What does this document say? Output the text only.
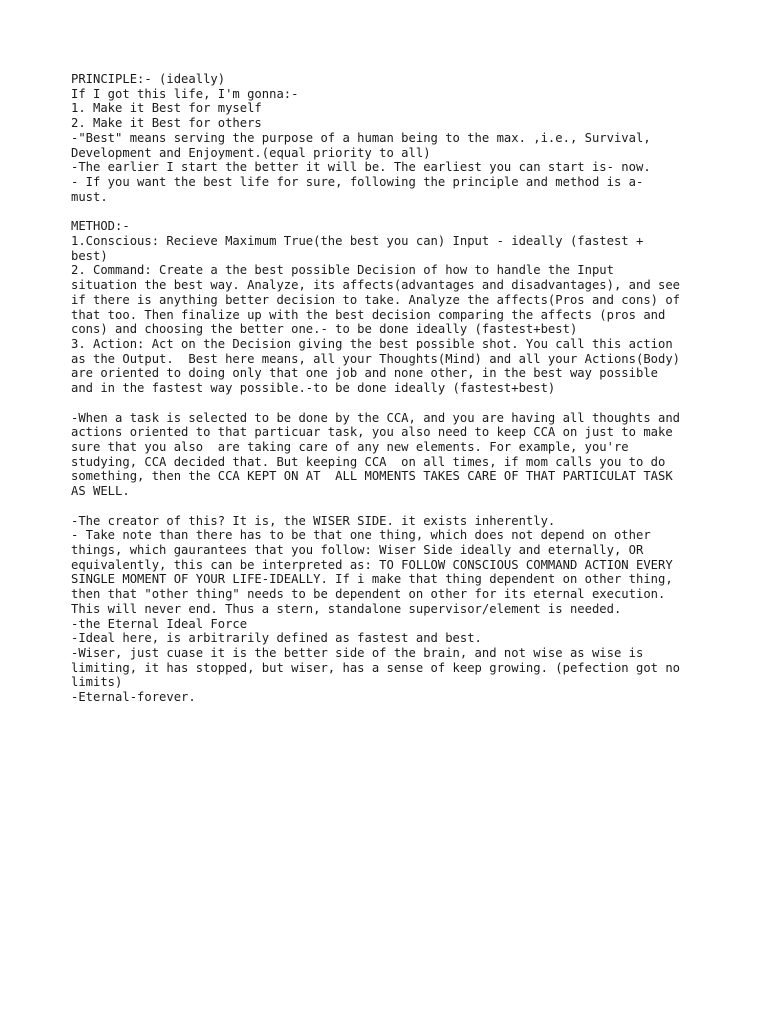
PRINCIPLE:- (ideally)
If I got this life, I'm gonna:-
1. Make it Best for myself
2. Make it Best for others
-"Best" means serving the purpose of a human being to the max. ,i.e., Survival,
Development and Enjoyment.(equal priority to all)
-The earlier I start the better it will be. The earliest you can start is- now.
- If you want the best life for sure, following the principle and method is a-
must.
METHOD:-
1.Conscious: Recieve Maximum True(the best you can) Input - ideally (fastest +
best)
2. Command: Create a the best possible Decision of how to handle the Input
situation the best way. Analyze, its affects(advantages and disadvantages), and see
if there is anything better decision to take. Analyze the affects(Pros and cons) of
that too. Then finalize up with the best decision comparing the affects (pros and
cons) and choosing the better one.- to be done ideally (fastest+best)
3. Action: Act on the Decision giving the best possible shot. You call this action
as the Output.  Best here means, all your Thoughts(Mind) and all your Actions(Body)
are oriented to doing only that one job and none other, in the best way possible
and in the fastest way possible.-to be done ideally (fastest+best)
-When a task is selected to be done by the CCA, and you are having all thoughts and
actions oriented to that particuar task, you also need to keep CCA on just to make
sure that you also  are taking care of any new elements. For example, you're
studying, CCA decided that. But keeping CCA  on all times, if mom calls you to do
something, then the CCA KEPT ON AT  ALL MOMENTS TAKES CARE OF THAT PARTICULAT TASK
AS WELL.
-The creator of this? It is, the WISER SIDE. it exists inherently.
- Take note than there has to be that one thing, which does not depend on other
things, which gaurantees that you follow: Wiser Side ideally and eternally, OR
equivalently, this can be interpreted as: TO FOLLOW CONSCIOUS COMMAND ACTION EVERY
SINGLE MOMENT OF YOUR LIFE-IDEALLY. If i make that thing dependent on other thing,
then that "other thing" needs to be dependent on other for its eternal execution.
This will never end. Thus a stern, standalone supervisor/element is needed.
-the Eternal Ideal Force
-Ideal here, is arbitrarily defined as fastest and best.
-Wiser, just cuase it is the better side of the brain, and not wise as wise is
limiting, it has stopped, but wiser, has a sense of keep growing. (pefection got no
limits)
-Eternal-forever.
